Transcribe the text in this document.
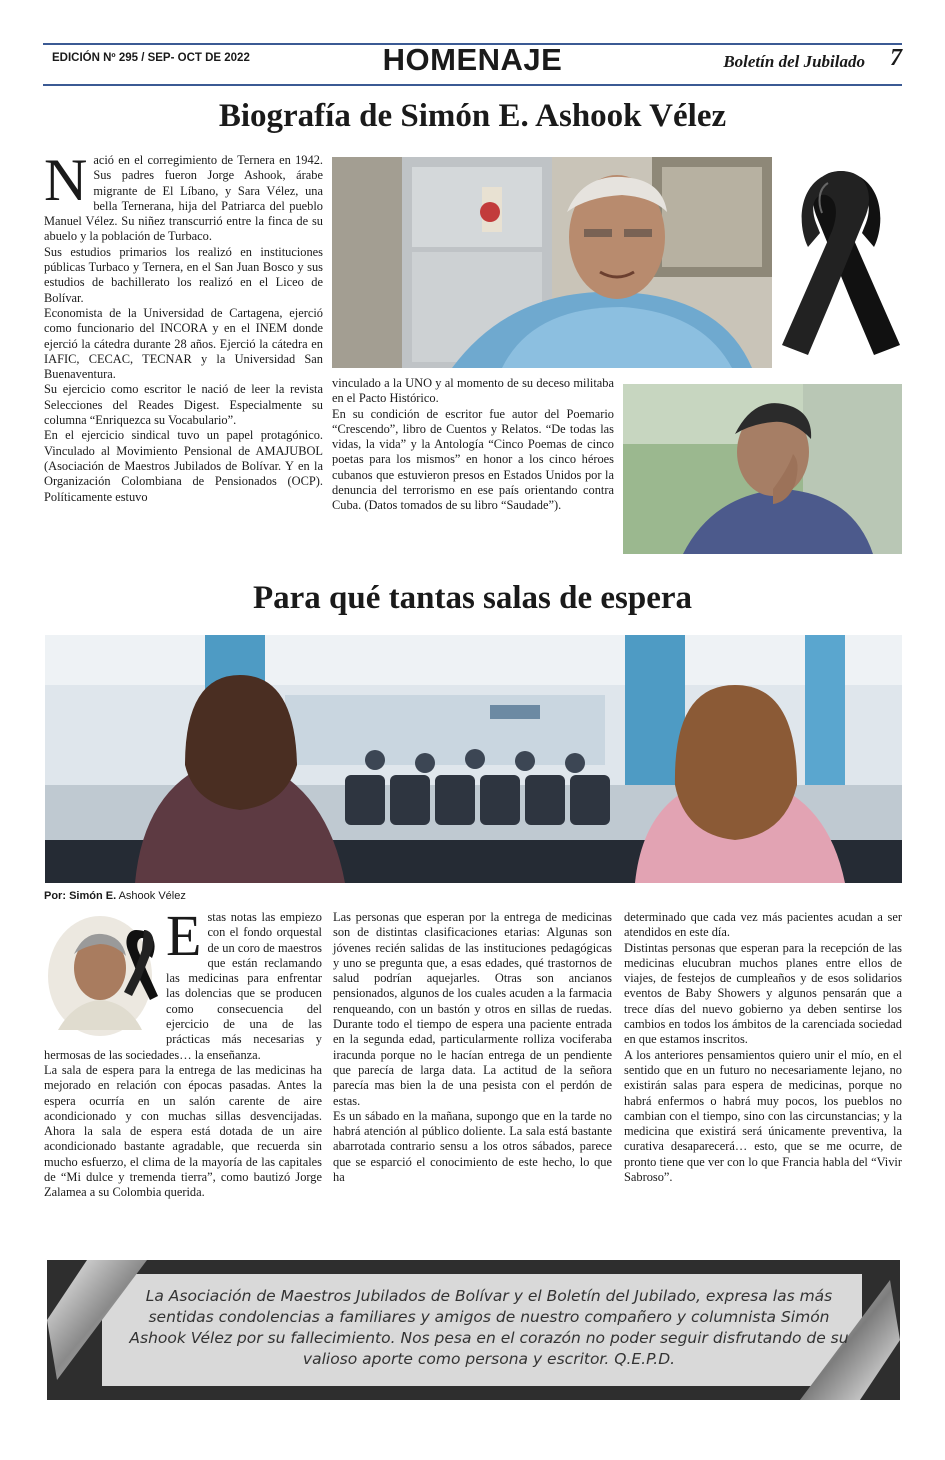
EDICIÓN Nº 295 / SEP- OCT DE 2022	HOMENAJE	Boletín del Jubilado 7
Biografía de Simón E. Ashook Vélez
N ació en el corregimiento de Ternera en 1942. Sus padres fueron Jorge Ashook, árabe migrante de El Líbano, y Sara Vélez, una bella Ternerana, hija del Patriarca del pueblo Manuel Vélez. Su niñez transcurrió entre la finca de su abuelo y la población de Turbaco.

Sus estudios primarios los realizó en instituciones públicas Turbaco y Ternera, en el San Juan Bosco y sus estudios de bachillerato los realizó en el Liceo de Bolívar.

Economista de la Universidad de Cartagena, ejerció como funcionario del INCORA y en el INEM donde ejerció la cátedra durante 28 años. Ejerció la cátedra en IAFIC, CECAC, TECNAR y la Universidad San Buenaventura.

Su ejercicio como escritor le nació de leer la revista Selecciones del Reades Digest. Especialmente su columna “Enriquezca su Vocabulario”.

En el ejercicio sindical tuvo un papel protagónico. Vinculado al Movimiento Pensional de AMAJUBOL (Asociación de Maestros Jubilados de Bolívar. Y en la Organización Colombiana de Pensionados (OCP). Políticamente estuvo

vinculado a la UNO y al momento de su deceso militaba en el Pacto Histórico.

En su condición de escritor fue autor del Poemario “Crescendo”, libro de Cuentos y Relatos. “De todas las vidas, la vida” y la Antología “Cinco Poemas de cinco poetas para los mismos” en honor a los cinco héroes cubanos que estuvieron presos en Estados Unidos por la denuncia del terrorismo en ese país orientando contra Cuba. (Datos tomados de su libro “Saudade”).

Para qué tantas salas de espera
Por: Simón E. Ashook Vélez
E stas notas las empiezo con el fondo orquestal de un coro de maestros que están reclamando las medicinas para enfrentar las dolencias que se producen como consecuencia del ejercicio de una de las prácticas más necesarias y hermosas de las sociedades… la enseñanza.

La sala de espera para la entrega de las medicinas ha mejorado en relación con épocas pasadas. Antes la espera ocurría en un salón carente de aire acondicionado y con muchas sillas desvencijadas. Ahora la sala de espera está dotada de un aire acondicionado bastante agradable, que recuerda sin mucho esfuerzo, el clima de la mayoría de las capitales de “Mi dulce y tremenda tierra”, como bautizó Jorge Zalamea a su Colombia querida.

Las personas que esperan por la entrega de medicinas son de distintas clasificaciones etarias: Algunas son jóvenes recién salidas de las instituciones pedagógicas y uno se pregunta que, a esas edades, qué trastornos de salud podrían aquejarles. Otras son ancianos pensionados, algunos de los cuales acuden a la farmacia renqueando, con un bastón y otros en sillas de ruedas. Durante todo el tiempo de espera una paciente entrada en la segunda edad, particularmente rolliza vociferaba iracunda porque no le hacían entrega de un pendiente que parecía de larga data. La actitud de la señora parecía mas bien la de una pesista con el perdón de estas.

Es un sábado en la mañana, supongo que en la tarde no habrá atención al público doliente. La sala está bastante abarrotada contrario sensu a los otros sábados, parece que se esparció el conocimiento de este hecho, lo que ha

determinado que cada vez más pacientes acudan a ser atendidos en este día.

Distintas personas que esperan para la recepción de las medicinas elucubran muchos planes entre ellos de viajes, de festejos de cumpleaños y de esos solidarios eventos de Baby Showers y algunos pensarán que a trece días del nuevo gobierno ya deben sentirse los cambios en todos los ámbitos de la carenciada sociedad en que estamos inscritos.

A los anteriores pensamientos quiero unir el mío, en el sentido que en un futuro no necesariamente lejano, no existirán salas para espera de medicinas, porque no habrá enfermos o habrá muy pocos, los pueblos no cambian con el tiempo, sino con las circunstancias; y la medicina que existirá será únicamente preventiva, la curativa desaparecerá… esto, que se me ocurre, de pronto tiene que ver con lo que Francia habla del “Vivir Sabroso”.

La Asociación de Maestros Jubilados de Bolívar y el Boletín del Jubilado, expresa las más sentidas condolencias a familiares y amigos de nuestro compañero y columnista Simón Ashook Vélez por su fallecimiento. Nos pesa en el corazón no poder seguir disfrutando de su valioso aporte como persona y escritor. Q.E.P.D.
